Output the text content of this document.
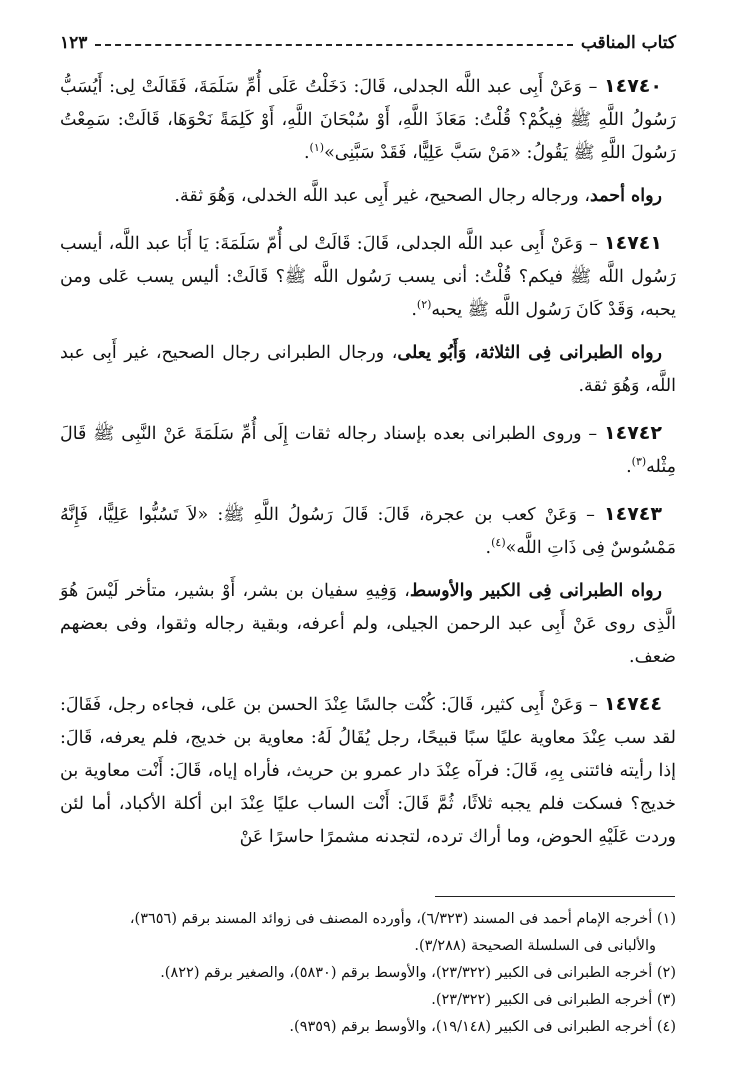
كتاب المناقب
١٢٣
١٤٧٤٠ – وَعَنْ أَبِى عبد اللَّه الجدلى، قَالَ: دَخَلْتُ عَلَى أُمِّ سَلَمَةَ، فَقَالَتْ لِى: أَيُسَبُّ رَسُولُ اللَّهِ ﷺ فِيكُمْ؟ قُلْتُ: مَعَاذَ اللَّهِ، أَوْ سُبْحَانَ اللَّهِ، أَوْ كَلِمَةً نَحْوَهَا، قَالَتْ: سَمِعْتُ رَسُولَ اللَّهِ ﷺ يَقُولُ: «مَنْ سَبَّ عَلِيًّا، فَقَدْ سَبَّنِى»$^{(١)}$.
رواه أحمد، ورجاله رجال الصحيح، غير أَبِى عبد اللَّه الخدلى، وَهُوَ ثقة.
١٤٧٤١ – وَعَنْ أَبِى عبد اللَّه الجدلى، قَالَ: قَالَتْ لى أُمّ سَلَمَةَ: يَا أَبَا عبد اللَّه، أيسب رَسُول اللَّه ﷺ فيكم؟ قُلْتُ: أنى يسب رَسُول اللَّه ﷺ؟ قَالَتْ: أليس يسب عَلى ومن يحبه، وَقَدْ كَانَ رَسُول اللَّه ﷺ يحبه$^{(٢)}$.
رواه الطبرانى فِى الثلاثة، وَأَبُو يعلى، ورجال الطبرانى رجال الصحيح، غير أَبِى عبد اللَّه، وَهُوَ ثقة.
١٤٧٤٢ – وروى الطبرانى بعده بإسناد رجاله ثقات إِلَى أُمِّ سَلَمَةَ عَنْ النَّبِى ﷺ قَالَ مِثْله$^{(٣)}$.
١٤٧٤٣ – وَعَنْ كعب بن عجرة، قَالَ: قَالَ رَسُولُ اللَّهِ ﷺ: «لاَ تَسُبُّوا عَلِيًّا، فَإِنَّهُ مَمْسُوسٌ فِى ذَاتِ اللَّه»$^{(٤)}$.
رواه الطبرانى فِى الكبير والأوسط، وَفِيهِ سفيان بن بشر، أَوْ بشير، متأخر لَيْسَ هُوَ الَّذِى روى عَنْ أَبِى عبد الرحمن الجيلى، ولم أعرفه، وبقية رجاله وثقوا، وفى بعضهم ضعف.
١٤٧٤٤ – وَعَنْ أَبِى كثير، قَالَ: كُنْت جالسًا عِنْدَ الحسن بن عَلى، فجاءه رجل، فَقَالَ: لقد سب عِنْدَ معاوية عليًا سبًا قبيحًا، رجل يُقَالُ لَهُ: معاوية بن خديج، فلم يعرفه، قَالَ: إذا رأيته فائتنى بِهِ، قَالَ: فرآه عِنْدَ دار عمرو بن حريث، فأراه إياه، قَالَ: أَنْت معاوية بن خديج؟ فسكت فلم يجبه ثلاثًا، ثُمَّ قَالَ: أَنْت الساب عليًا عِنْدَ ابن أكلة الأكباد، أما لئن وردت عَلَيْهِ الحوض، وما أراك ترده، لتجدنه مشمرًا حاسرًا عَنْ

(١) أخرجه الإمام أحمد فى المسند (٦/٣٢٣)، وأورده المصنف فى زوائد المسند برقم (٣٦٥٦)،

والألبانى فى السلسلة الصحيحة (٣/٢٨٨).

(٢) أخرجه الطبرانى فى الكبير (٢٣/٣٢٢)، والأوسط برقم (٥٨٣٠)، والصغير برقم (٨٢٢).

(٣) أخرجه الطبرانى فى الكبير (٢٣/٣٢٢).

(٤) أخرجه الطبرانى فى الكبير (١٩/١٤٨)، والأوسط برقم (٩٣٥٩).
